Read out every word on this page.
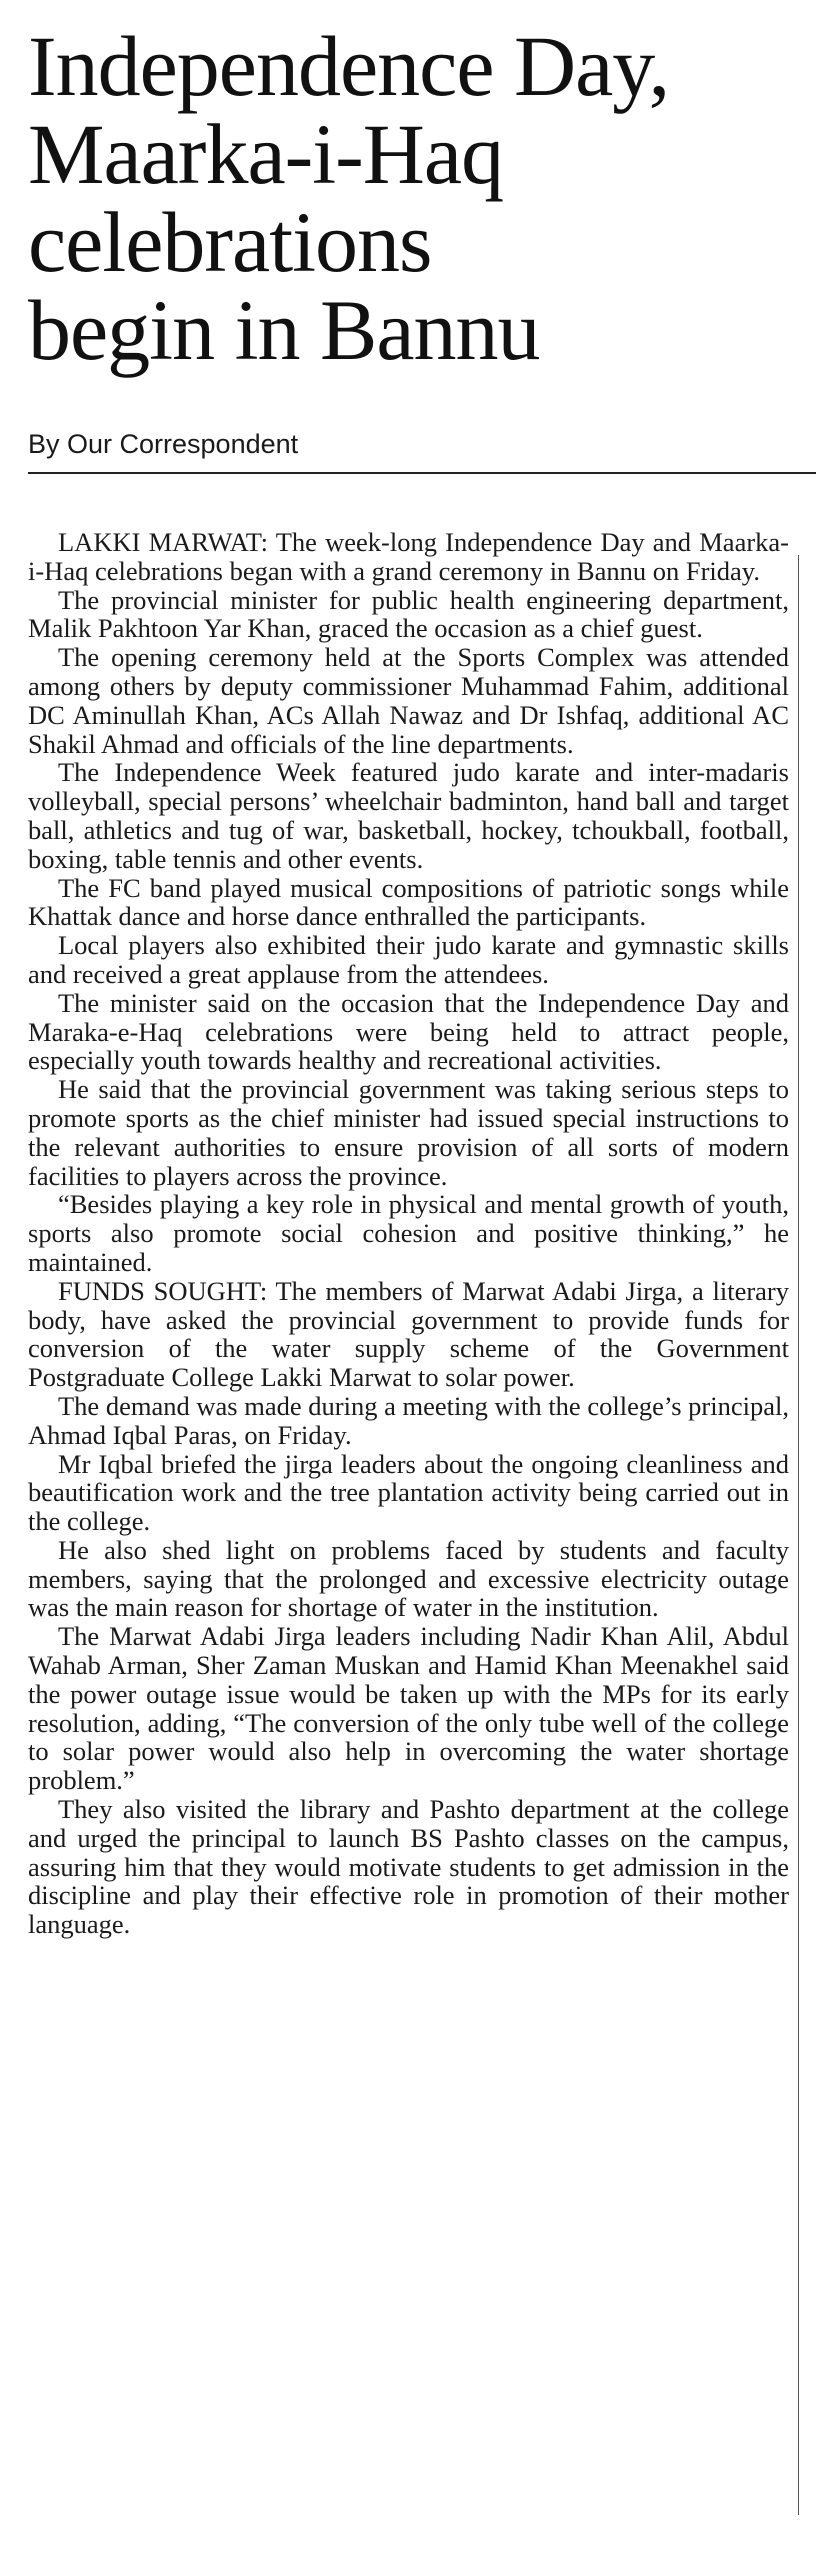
Independence Day,
Maarka-i-Haq
celebrations
begin in Bannu
By Our Correspondent

LAKKI MARWAT: The week-long Independence Day and Maarka-i-Haq celebrations began with a grand ceremony in Bannu on Friday.

The provincial minister for public health engineering department, Malik Pakhtoon Yar Khan, graced the occasion as a chief guest.

The opening ceremony held at the Sports Complex was attended among others by deputy commissioner Muhammad Fahim, additional DC Aminullah Khan, ACs Allah Nawaz and Dr Ishfaq, additional AC Shakil Ahmad and officials of the line departments.

The Independence Week featured judo karate and inter-madaris volleyball, special persons’ wheelchair badminton, hand ball and target ball, athletics and tug of war, basketball, hockey, tchoukball, football, boxing, table tennis and other events.

The FC band played musical compositions of patriotic songs while Khattak dance and horse dance enthralled the participants.

Local players also exhibited their judo karate and gymnastic skills and received a great applause from the attendees.

The minister said on the occasion that the Independence Day and Maraka-e-Haq celebrations were being held to attract people, especially youth towards healthy and recreational activities.

He said that the provincial government was taking serious steps to promote sports as the chief minister had issued special instructions to the relevant authorities to ensure provision of all sorts of modern facilities to players across the province.

“Besides playing a key role in physical and mental growth of youth, sports also promote social cohesion and positive thinking,” he maintained.

FUNDS SOUGHT: The members of Marwat Adabi Jirga, a literary body, have asked the provincial government to provide funds for conversion of the water supply scheme of the Government Postgraduate College Lakki Marwat to solar power.

The demand was made during a meeting with the college’s principal, Ahmad Iqbal Paras, on Friday.

Mr Iqbal briefed the jirga leaders about the ongoing cleanliness and beautification work and the tree plantation activity being carried out in the college.

He also shed light on problems faced by students and faculty members, saying that the prolonged and excessive electricity outage was the main reason for shortage of water in the institution.

The Marwat Adabi Jirga leaders including Nadir Khan Alil, Abdul Wahab Arman, Sher Zaman Muskan and Hamid Khan Meenakhel said the power outage issue would be taken up with the MPs for its early resolution, adding, “The conversion of the only tube well of the college to solar power would also help in overcoming the water shortage problem.”

They also visited the library and Pashto department at the college and urged the principal to launch BS Pashto classes on the campus, assuring him that they would motivate students to get admission in the discipline and play their effective role in promotion of their mother language.
